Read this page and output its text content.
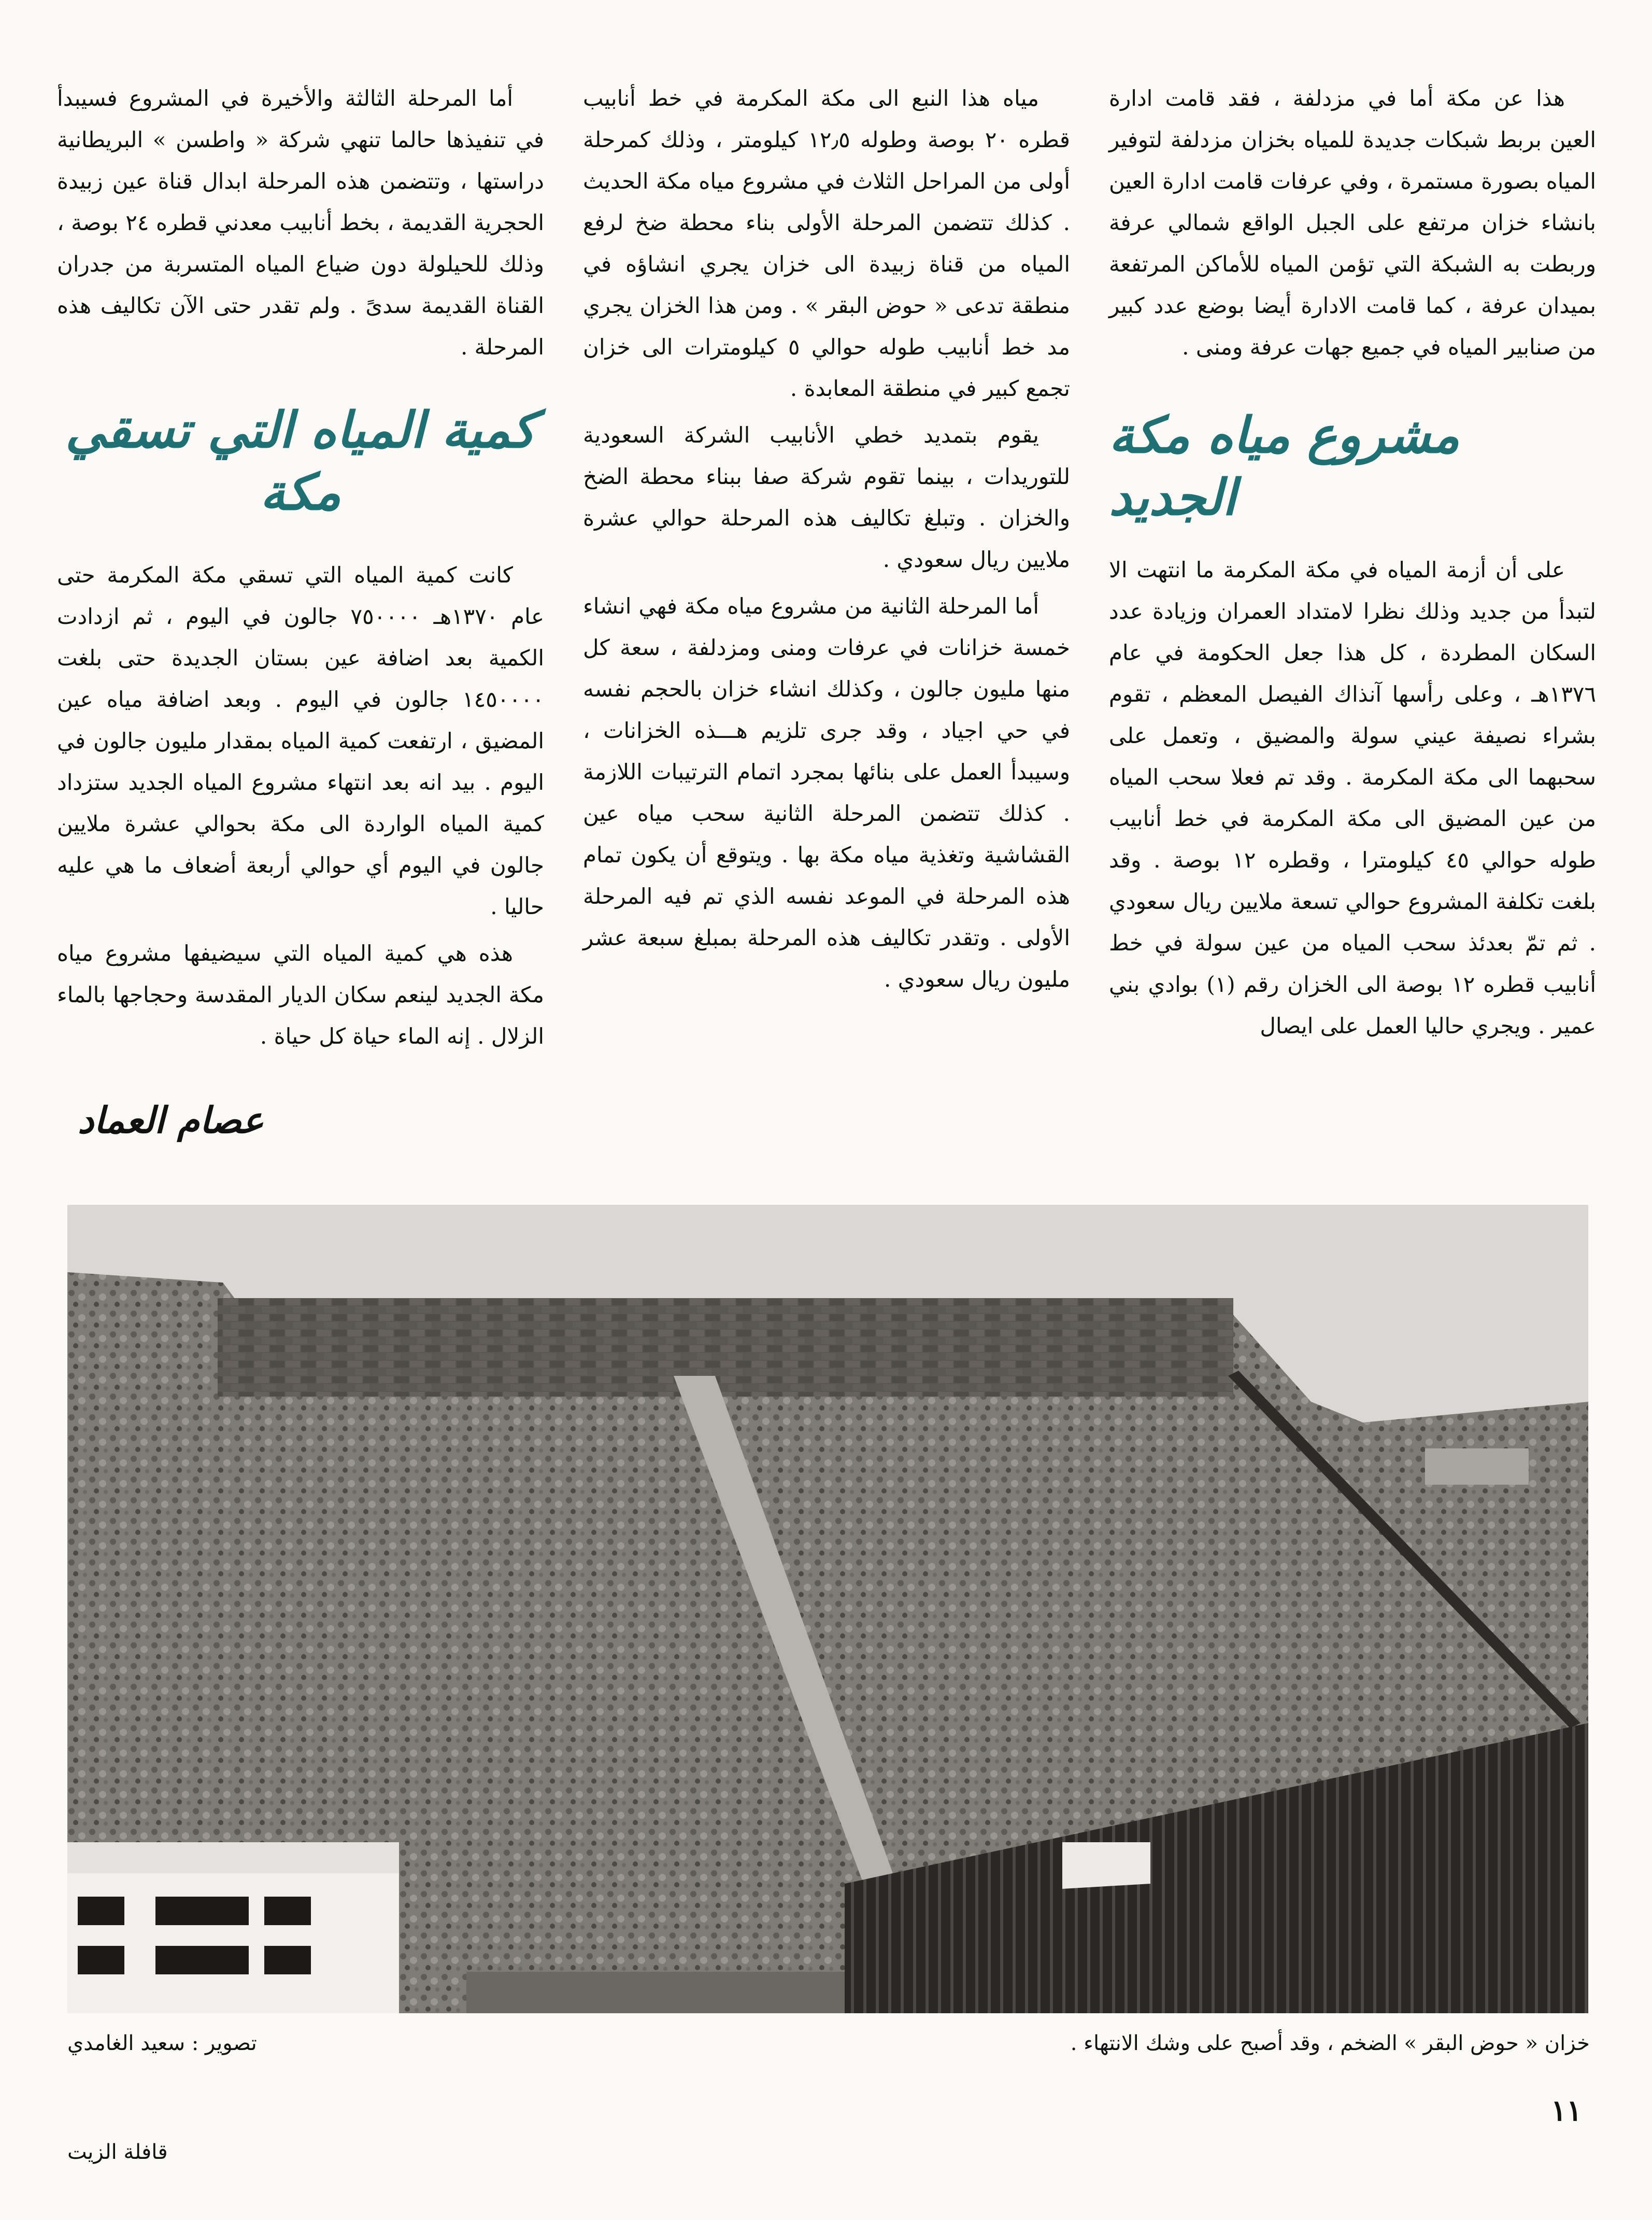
هذا عن مكة أما في مزدلفة ، فقد قامت ادارة العين بربط شبكات جديدة للمياه بخزان مزدلفة لتوفير المياه بصورة مستمرة ، وفي عرفات قامت ادارة العين بانشاء خزان مرتفع على الجبل الواقع شمالي عرفة وربطت به الشبكة التي تؤمن المياه للأماكن المرتفعة بميدان عرفة ، كما قامت الادارة أيضا بوضع عدد كبير من صنابير المياه في جميع جهات عرفة ومنى .

مشروع مياه مكة الجديد

على أن أزمة المياه في مكة المكرمة ما انتهت الا لتبدأ من جديد وذلك نظرا لامتداد العمران وزيادة عدد السكان المطردة ، كل هذا جعل الحكومة في عام ١٣٧٦هـ ، وعلى رأسها آنذاك الفيصل المعظم ، تقوم بشراء نصيفة عيني سولة والمضيق ، وتعمل على سحبهما الى مكة المكرمة . وقد تم فعلا سحب المياه من عين المضيق الى مكة المكرمة في خط أنابيب طوله حوالي ٤٥ كيلومترا ، وقطره ١٢ بوصة . وقد بلغت تكلفة المشروع حوالي تسعة ملايين ريال سعودي . ثم تمّ بعدئذ سحب المياه من عين سولة في خط أنابيب قطره ١٢ بوصة الى الخزان رقم (١) بوادي بني عمير . ويجري حاليا العمل على ايصال

مياه هذا النبع الى مكة المكرمة في خط أنابيب قطره ٢٠ بوصة وطوله ١٢٫٥ كيلومتر ، وذلك كمرحلة أولى من المراحل الثلاث في مشروع مياه مكة الحديث . كذلك تتضمن المرحلة الأولى بناء محطة ضخ لرفع المياه من قناة زبيدة الى خزان يجري انشاؤه في منطقة تدعى « حوض البقر » . ومن هذا الخزان يجري مد خط أنابيب طوله حوالي ٥ كيلومترات الى خزان تجمع كبير في منطقة المعابدة .

يقوم بتمديد خطي الأنابيب الشركة السعودية للتوريدات ، بينما تقوم شركة صفا ببناء محطة الضخ والخزان . وتبلغ تكاليف هذه المرحلة حوالي عشرة ملايين ريال سعودي .

أما المرحلة الثانية من مشروع مياه مكة فهي انشاء خمسة خزانات في عرفات ومنى ومزدلفة ، سعة كل منها مليون جالون ، وكذلك انشاء خزان بالحجم نفسه في حي اجياد ، وقد جرى تلزيم هـــذه الخزانات ، وسيبدأ العمل على بنائها بمجرد اتمام الترتيبات اللازمة . كذلك تتضمن المرحلة الثانية سحب مياه عين القشاشية وتغذية مياه مكة بها . ويتوقع أن يكون تمام هذه المرحلة في الموعد نفسه الذي تم فيه المرحلة الأولى . وتقدر تكاليف هذه المرحلة بمبلغ سبعة عشر مليون ريال سعودي .

أما المرحلة الثالثة والأخيرة في المشروع فسيبدأ في تنفيذها حالما تنهي شركة « واطسن » البريطانية دراستها ، وتتضمن هذه المرحلة ابدال قناة عين زبيدة الحجرية القديمة ، بخط أنابيب معدني قطره ٢٤ بوصة ، وذلك للحيلولة دون ضياع المياه المتسربة من جدران القناة القديمة سدىً . ولم تقدر حتى الآن تكاليف هذه المرحلة .

كمية المياه التي تسقي مكة

كانت كمية المياه التي تسقي مكة المكرمة حتى عام ١٣٧٠هـ ٧٥٠٠٠٠ جالون في اليوم ، ثم ازدادت الكمية بعد اضافة عين بستان الجديدة حتى بلغت ١٤٥٠٠٠٠ جالون في اليوم . وبعد اضافة مياه عين المضيق ، ارتفعت كمية المياه بمقدار مليون جالون في اليوم . بيد انه بعد انتهاء مشروع المياه الجديد ستزداد كمية المياه الواردة الى مكة بحوالي عشرة ملايين جالون في اليوم أي حوالي أربعة أضعاف ما هي عليه حاليا .

هذه هي كمية المياه التي سيضيفها مشروع مياه مكة الجديد لينعم سكان الديار المقدسة وحجاجها بالماء الزلال . إنه الماء حياة كل حياة .

عصام العماد
خزان « حوض البقر » الضخم ، وقد أصبح على وشك الانتهاء .
تصوير : سعيد الغامدي
١١
قافلة الزيت
